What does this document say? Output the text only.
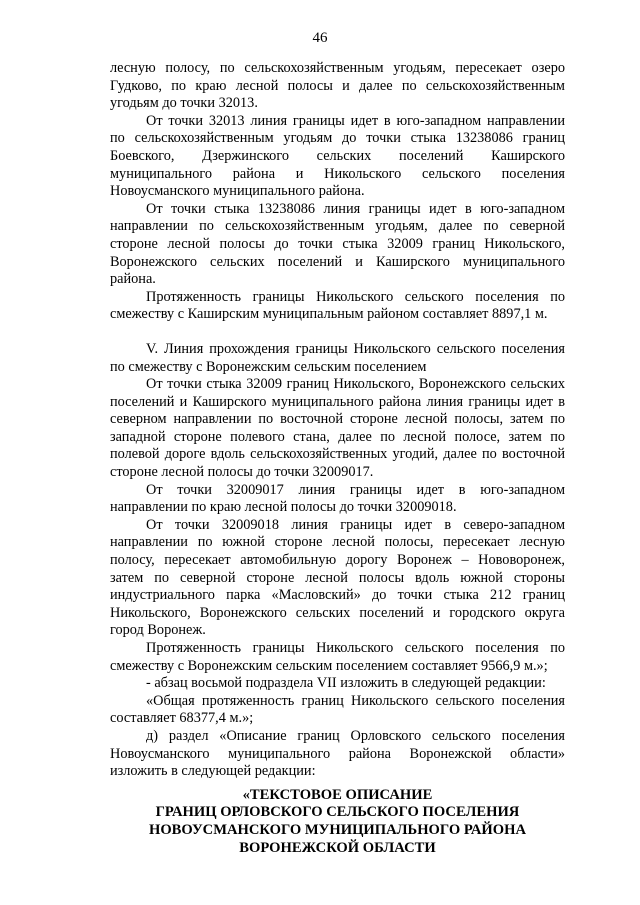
46

лесную полосу, по сельскохозяйственным угодьям, пересекает озеро Гудково, по краю лесной полосы и далее по сельскохозяйственным угодьям до точки 32013.

От точки 32013 линия границы идет в юго-западном направлении по сельскохозяйственным угодьям до точки стыка 13238086 границ Боевского, Дзержинского сельских поселений Каширского муниципального района и Никольского сельского поселения Новоусманского муниципального района.

От точки стыка 13238086 линия границы идет в юго-западном направлении по сельскохозяйственным угодьям, далее по северной стороне лесной полосы до точки стыка 32009 границ Никольского, Воронежского сельских поселений и Каширского муниципального района.

Протяженность границы Никольского сельского поселения по смежеству с Каширским муниципальным районом составляет 8897,1 м.

V. Линия прохождения границы Никольского сельского поселения по смежеству с Воронежским сельским поселением

От точки стыка 32009 границ Никольского, Воронежского сельских поселений и Каширского муниципального района линия границы идет в северном направлении по восточной стороне лесной полосы, затем по западной стороне полевого стана, далее по лесной полосе, затем по полевой дороге вдоль сельскохозяйственных угодий, далее по восточной стороне лесной полосы до точки 32009017.

От точки 32009017 линия границы идет в юго-западном направлении по краю лесной полосы до точки 32009018.

От точки 32009018 линия границы идет в северо-западном направлении по южной стороне лесной полосы, пересекает лесную полосу, пересекает автомобильную дорогу Воронеж – Нововоронеж, затем по северной стороне лесной полосы вдоль южной стороны индустриального парка «Масловский» до точки стыка 212 границ Никольского, Воронежского сельских поселений и городского округа город Воронеж.

Протяженность границы Никольского сельского поселения по смежеству с Воронежским сельским поселением составляет 9566,9 м.»;

- абзац восьмой подраздела VII изложить в следующей редакции:

«Общая протяженность границ Никольского сельского поселения составляет 68377,4 м.»;

д) раздел «Описание границ Орловского сельского поселения Новоусманского муниципального района Воронежской области» изложить в следующей редакции:

«ТЕКСТОВОЕ ОПИСАНИЕ
ГРАНИЦ ОРЛОВСКОГО СЕЛЬСКОГО ПОСЕЛЕНИЯ
НОВОУСМАНСКОГО МУНИЦИПАЛЬНОГО РАЙОНА
ВОРОНЕЖСКОЙ ОБЛАСТИ
